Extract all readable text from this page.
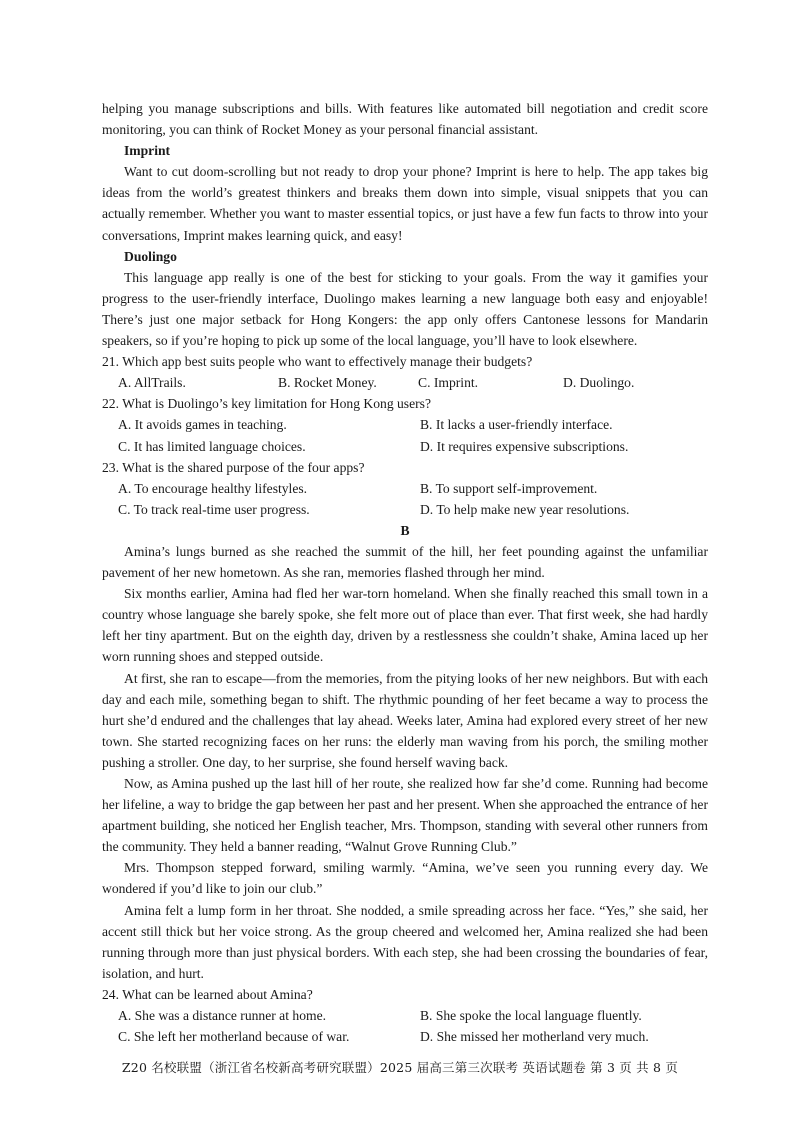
helping you manage subscriptions and bills. With features like automated bill negotiation and credit score monitoring, you can think of Rocket Money as your personal financial assistant.

Imprint

Want to cut doom-scrolling but not ready to drop your phone? Imprint is here to help. The app takes big ideas from the world’s greatest thinkers and breaks them down into simple, visual snippets that you can actually remember. Whether you want to master essential topics, or just have a few fun facts to throw into your conversations, Imprint makes learning quick, and easy!

Duolingo

This language app really is one of the best for sticking to your goals. From the way it gamifies your progress to the user-friendly interface, Duolingo makes learning a new language both easy and enjoyable! There’s just one major setback for Hong Kongers: the app only offers Cantonese lessons for Mandarin speakers, so if you’re hoping to pick up some of the local language, you’ll have to look elsewhere.

21. Which app best suits people who want to effectively manage their budgets?

A. AllTrails.	B. Rocket Money.	C. Imprint.	D. Duolingo.

22. What is Duolingo’s key limitation for Hong Kong users?

A. It avoids games in teaching.	B. It lacks a user-friendly interface.
C. It has limited language choices.	D. It requires expensive subscriptions.

23. What is the shared purpose of the four apps?

A. To encourage healthy lifestyles.	B. To support self-improvement.
C. To track real-time user progress.	D. To help make new year resolutions.

B

Amina’s lungs burned as she reached the summit of the hill, her feet pounding against the unfamiliar pavement of her new hometown. As she ran, memories flashed through her mind.

Six months earlier, Amina had fled her war-torn homeland. When she finally reached this small town in a country whose language she barely spoke, she felt more out of place than ever. That first week, she had hardly left her tiny apartment. But on the eighth day, driven by a restlessness she couldn’t shake, Amina laced up her worn running shoes and stepped outside.

At first, she ran to escape—from the memories, from the pitying looks of her new neighbors. But with each day and each mile, something began to shift. The rhythmic pounding of her feet became a way to process the hurt she’d endured and the challenges that lay ahead. Weeks later, Amina had explored every street of her new town. She started recognizing faces on her runs: the elderly man waving from his porch, the smiling mother pushing a stroller. One day, to her surprise, she found herself waving back.

Now, as Amina pushed up the last hill of her route, she realized how far she’d come. Running had become her lifeline, a way to bridge the gap between her past and her present. When she approached the entrance of her apartment building, she noticed her English teacher, Mrs. Thompson, standing with several other runners from the community. They held a banner reading, “Walnut Grove Running Club.”

Mrs. Thompson stepped forward, smiling warmly. “Amina, we’ve seen you running every day. We wondered if you’d like to join our club.”

Amina felt a lump form in her throat. She nodded, a smile spreading across her face. “Yes,” she said, her accent still thick but her voice strong. As the group cheered and welcomed her, Amina realized she had been running through more than just physical borders. With each step, she had been crossing the boundaries of fear, isolation, and hurt.

24. What can be learned about Amina?

A. She was a distance runner at home.	B. She spoke the local language fluently.
C. She left her motherland because of war.	D. She missed her motherland very much.
Z20 名校联盟（浙江省名校新高考研究联盟）2025 届高三第三次联考 英语试题卷 第 3 页 共 8 页
